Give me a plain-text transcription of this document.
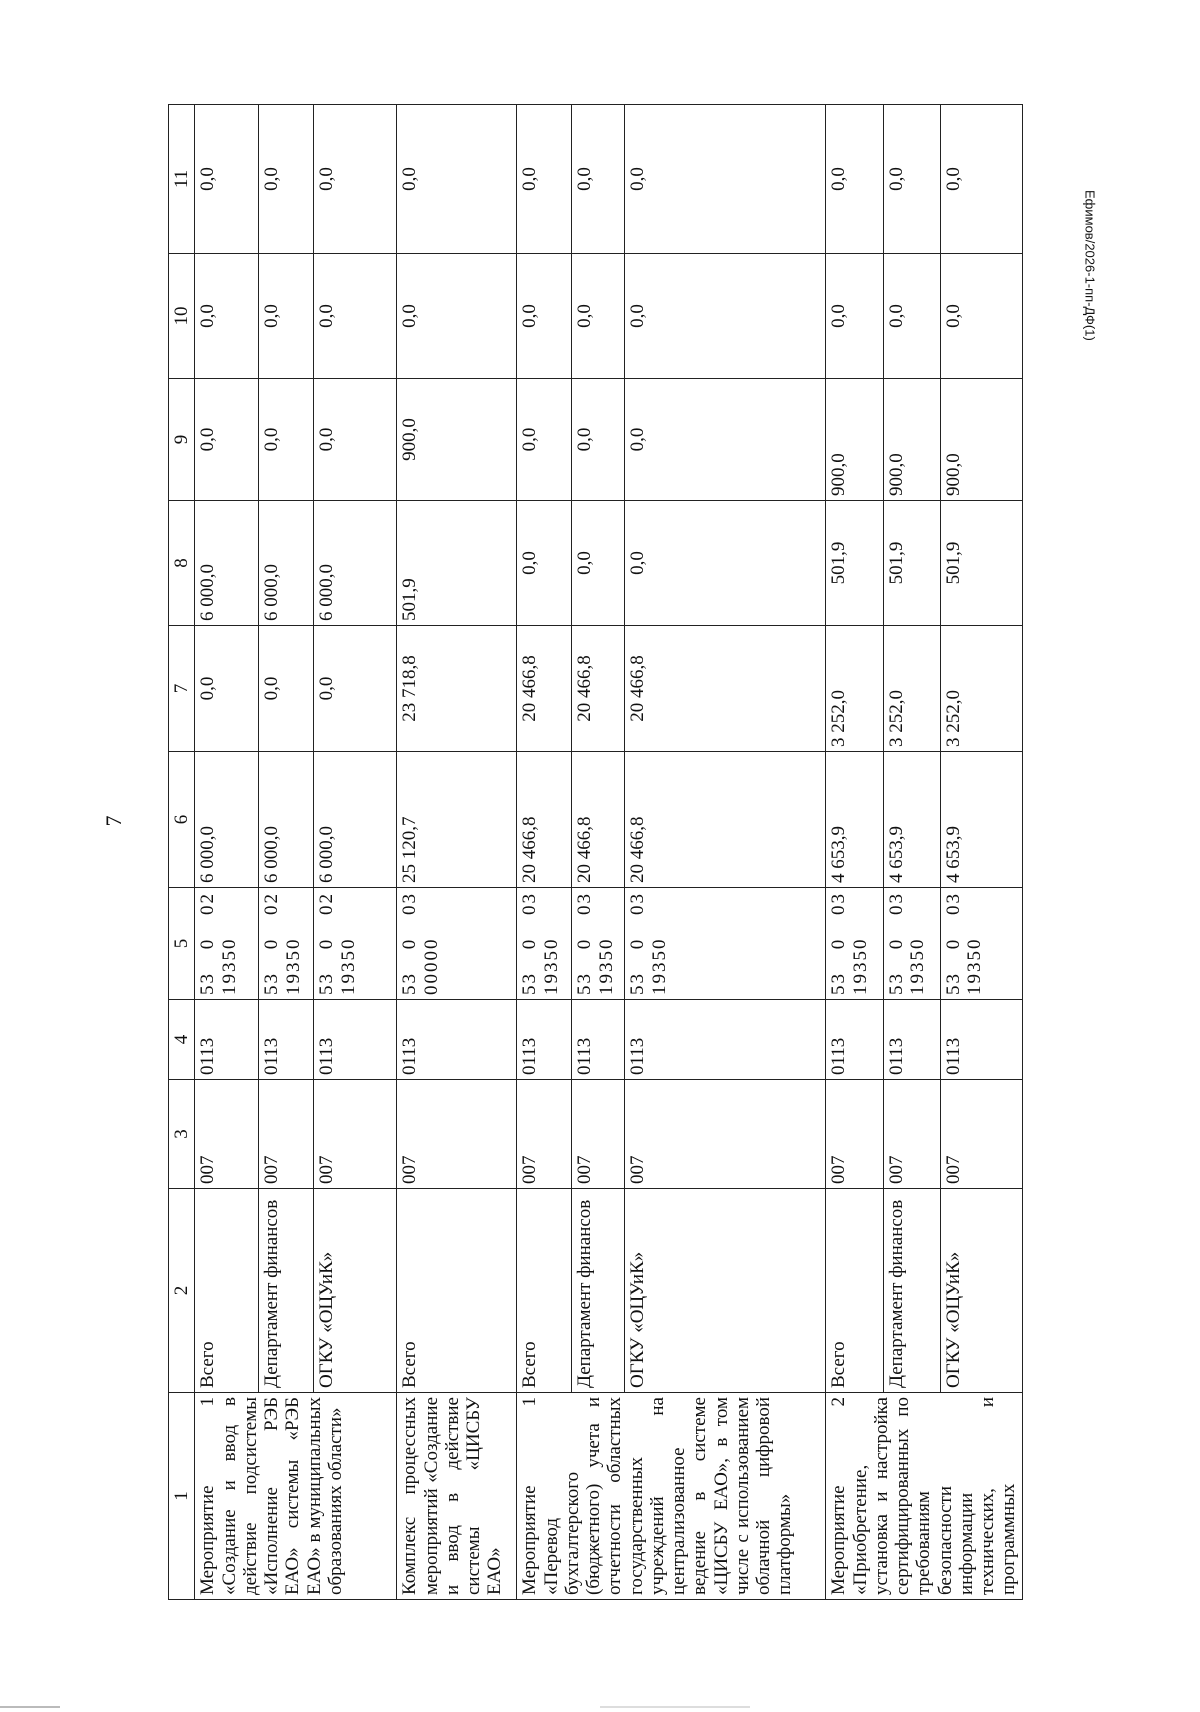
7
Ефимов/2026-1-пп-ДФ(1)
1	2	3	4	5	6	7	8	9	10	11
Мероприятие 1 «Создание и ввод в действие подсистемы «Исполнение РЭБ ЕАО» системы «РЭБ ЕАО» в муниципальных образованиях области»	Всего	007	0113	53 0 02 19350	6 000,0	0,0	6 000,0	0,0	0,0	0,0
	Департамент финансов	007	0113	53 0 02 19350	6 000,0	0,0	6 000,0	0,0	0,0	0,0
	ОГКУ «ОЦУиК»	007	0113	53 0 02 19350	6 000,0	0,0	6 000,0	0,0	0,0	0,0
Комплекс процессных мероприятий «Создание и ввод в действие системы «ЦИСБУ ЕАО»	Всего	007	0113	53 0 03 00000	25 120,7	23 718,8	501,9	900,0	0,0	0,0
Мероприятие 1 «Перевод бухгалтерского (бюджетного) учета и отчетности областных государственных учреждений на централизованное ведение в системе «ЦИСБУ ЕАО», в том числе с использованием облачной цифровой платформы»	Всего	007	0113	53 0 03 19350	20 466,8	20 466,8	0,0	0,0	0,0	0,0
	Департамент финансов	007	0113	53 0 03 19350	20 466,8	20 466,8	0,0	0,0	0,0	0,0
	ОГКУ «ОЦУиК»	007	0113	53 0 03 19350	20 466,8	20 466,8	0,0	0,0	0,0	0,0
Мероприятие 2 «Приобретение, установка и настройка сертифицированных по требованиям безопасности информации технических, и программных	Всего	007	0113	53 0 03 19350	4 653,9	3 252,0	501,9	900,0	0,0	0,0
	Департамент финансов	007	0113	53 0 03 19350	4 653,9	3 252,0	501,9	900,0	0,0	0,0
	ОГКУ «ОЦУиК»	007	0113	53 0 03 19350	4 653,9	3 252,0	501,9	900,0	0,0	0,0
